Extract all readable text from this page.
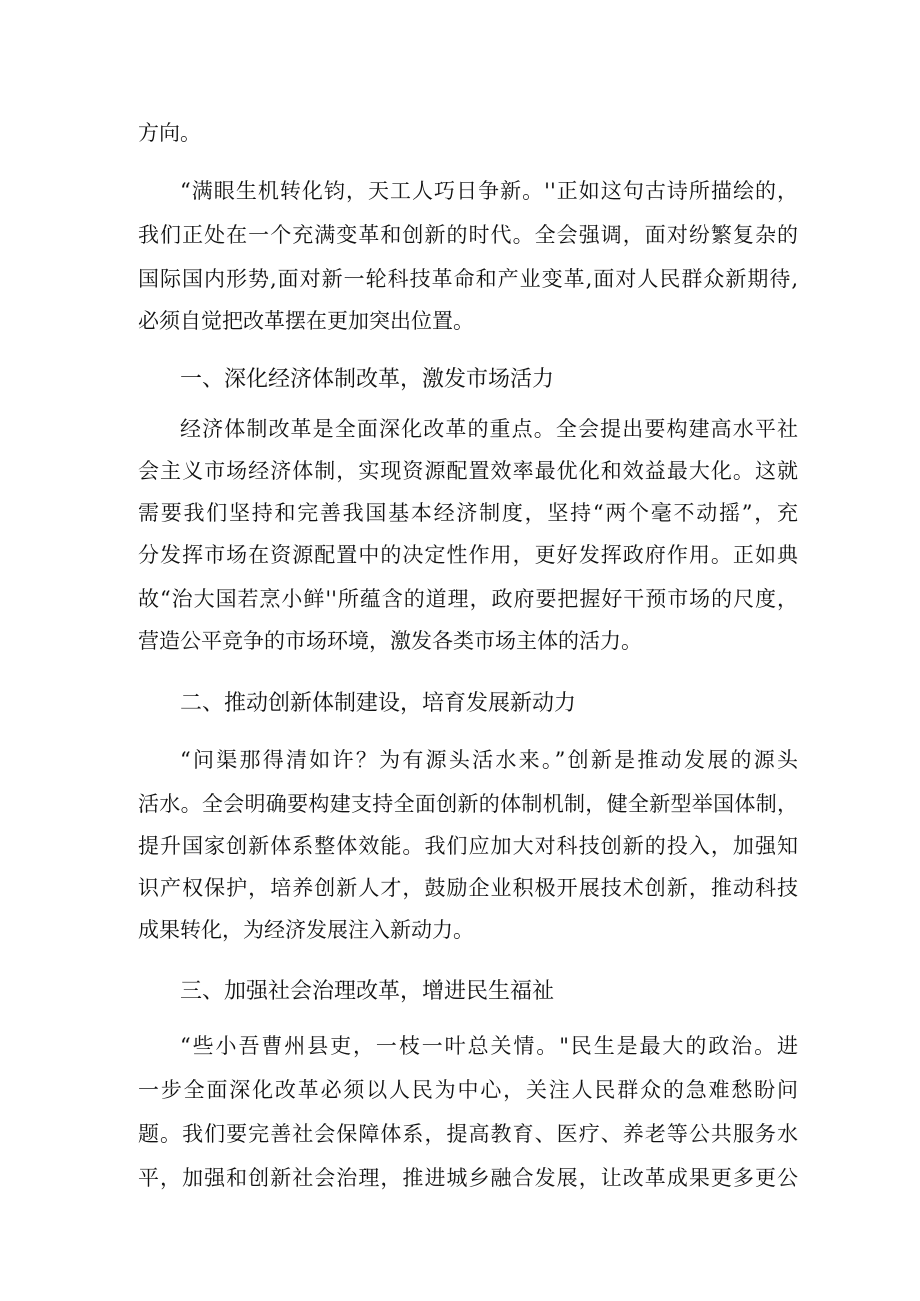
方向。
“满眼生机转化钧，天工人巧日争新。''正如这句古诗所描绘的，
我们正处在一个充满变革和创新的时代。全会强调，面对纷繁复杂的
国际国内形势,面对新一轮科技革命和产业变革,面对人民群众新期待,
必须自觉把改革摆在更加突出位置。
一、深化经济体制改革，激发市场活力
经济体制改革是全面深化改革的重点。全会提出要构建高水平社
会主义市场经济体制，实现资源配置效率最优化和效益最大化。这就
需要我们坚持和完善我国基本经济制度，坚持“两个毫不动摇”，充
分发挥市场在资源配置中的决定性作用，更好发挥政府作用。正如典
故“治大国若烹小鲜''所蕴含的道理，政府要把握好干预市场的尺度，
营造公平竞争的市场环境，激发各类市场主体的活力。
二、推动创新体制建设，培育发展新动力
“问渠那得清如许？为有源头活水来。”创新是推动发展的源头
活水。全会明确要构建支持全面创新的体制机制，健全新型举国体制，
提升国家创新体系整体效能。我们应加大对科技创新的投入，加强知
识产权保护，培养创新人才，鼓励企业积极开展技术创新，推动科技
成果转化，为经济发展注入新动力。
三、加强社会治理改革，增进民生福祉
“些小吾曹州县吏，一枝一叶总关情。"民生是最大的政治。进
一步全面深化改革必须以人民为中心，关注人民群众的急难愁盼问
题。我们要完善社会保障体系，提高教育、医疗、养老等公共服务水
平，加强和创新社会治理，推进城乡融合发展，让改革成果更多更公
